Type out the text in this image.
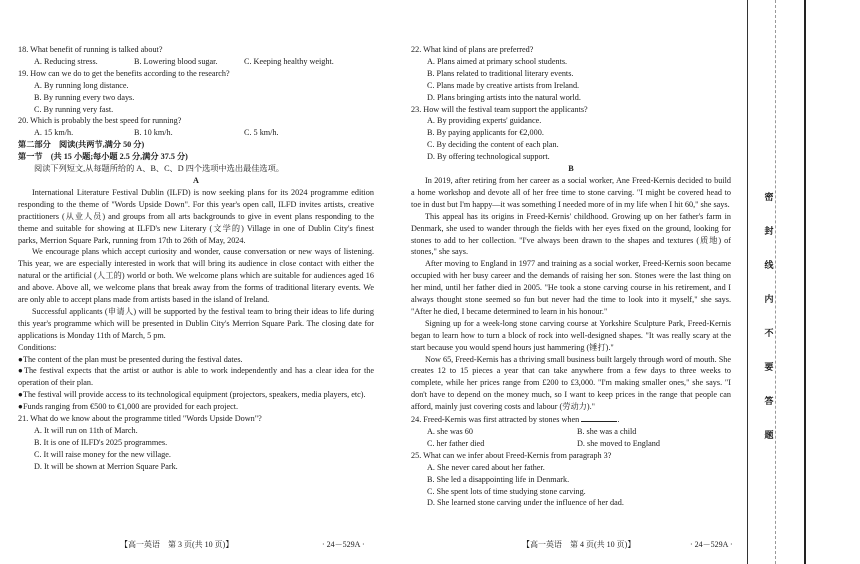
18. What benefit of running is talked about?
A. Reducing stress.	B. Lowering blood sugar.	C. Keeping healthy weight.
19. How can we do to get the benefits according to the research?
A. By running long distance.
B. By running every two days.
C. By running very fast.
20. Which is probably the best speed for running?
A. 15 km/h.	B. 10 km/h.	C. 5 km/h.
第二部分　阅读(共两节,满分 50 分)
第一节　(共 15 小题;每小题 2.5 分,满分 37.5 分)
阅读下列短文,从每题所给的 A、B、C、D 四个选项中选出最佳选项。
A
International Literature Festival Dublin (ILFD) is now seeking plans for its 2024 programme edition responding to the theme of "Words Upside Down". For this year's open call, ILFD invites artists, creative practitioners (从业人员) and groups from all arts backgrounds to give in event plans responding to the theme and suitable for showing at ILFD's new Literary (文学的) Village in one of Dublin City's finest parks, Merrion Square Park, running from 17th to 26th of May, 2024.
We encourage plans which accept curiosity and wonder, cause conversation or new ways of listening. This year, we are especially interested in work that will bring its audience in close contact with either the natural or the artificial (人工的) world or both. We welcome plans which are suitable for audiences aged 16 and above. Above all, we welcome plans that break away from the forms of traditional literary events. We are only able to accept plans made from artists based in the island of Ireland.
Successful applicants (申请人) will be supported by the festival team to bring their ideas to life during this year's programme which will be presented in Dublin City's Merrion Square Park. The closing date for applications is Monday 11th of March, 5 pm.
Conditions:
●The content of the plan must be presented during the festival dates.
●The festival expects that the artist or author is able to work independently and has a clear idea for the operation of their plan.
●The festival will provide access to its technological equipment (projectors, speakers, media players, etc).
●Funds ranging from €500 to €1,000 are provided for each project.
21. What do we know about the programme titled "Words Upside Down"?
A. It will run on 11th of March.
B. It is one of ILFD's 2025 programmes.
C. It will raise money for the new village.
D. It will be shown at Merrion Square Park.
【高一英语　第 3 页(共 10 页)】	· 24－529A ·
22. What kind of plans are preferred?
A. Plans aimed at primary school students.
B. Plans related to traditional literary events.
C. Plans made by creative artists from Ireland.
D. Plans bringing artists into the natural world.
23. How will the festival team support the applicants?
A. By providing experts' guidance.
B. By paying applicants for €2,000.
C. By deciding the content of each plan.
D. By offering technological support.
B
In 2019, after retiring from her career as a social worker, Ane Freed-Kernis decided to build a home workshop and devote all of her free time to stone carving. "I might be covered head to toe in dust but I'm happy—it was something I needed more of in my life when I hit 60," she says.
This appeal has its origins in Freed-Kernis' childhood. Growing up on her father's farm in Denmark, she used to wander through the fields with her eyes fixed on the ground, looking for stones to add to her collection. "I've always been drawn to the shapes and textures (质地) of stones," she says.
After moving to England in 1977 and training as a social worker, Freed-Kernis soon became occupied with her busy career and the demands of raising her son. Stones were the last thing on her mind, until her father died in 2005. "He took a stone carving course in his retirement, and I always thought stone seemed so fun but never had the time to look into it myself," she says. "After he died, I became determined to learn in his honour."
Signing up for a week-long stone carving course at Yorkshire Sculpture Park, Freed-Kernis began to learn how to turn a block of rock into well-designed shapes. "It was really scary at the start because you would spend hours just hammering (锤打)."
Now 65, Freed-Kernis has a thriving small business built largely through word of mouth. She creates 12 to 15 pieces a year that can take anywhere from a few days to three weeks to complete, while her prices range from £200 to £3,000. "I'm making smaller ones," she says. "I don't have to depend on the money much, so I want to keep prices in the range that people can afford, mainly just covering costs and labour (劳动力)."
24. Freed-Kernis was first attracted by stones when	.
A. she was 60	B. she was a child
C. her father died	D. she moved to England
25. What can we infer about Freed-Kernis from paragraph 3?
A. She never cared about her father.
B. She led a disappointing life in Denmark.
C. She spent lots of time studying stone carving.
D. She learned stone carving under the influence of her dad.
【高一英语　第 4 页(共 10 页)】	· 24－529A ·
密
封
线
内
不
要
答
题
